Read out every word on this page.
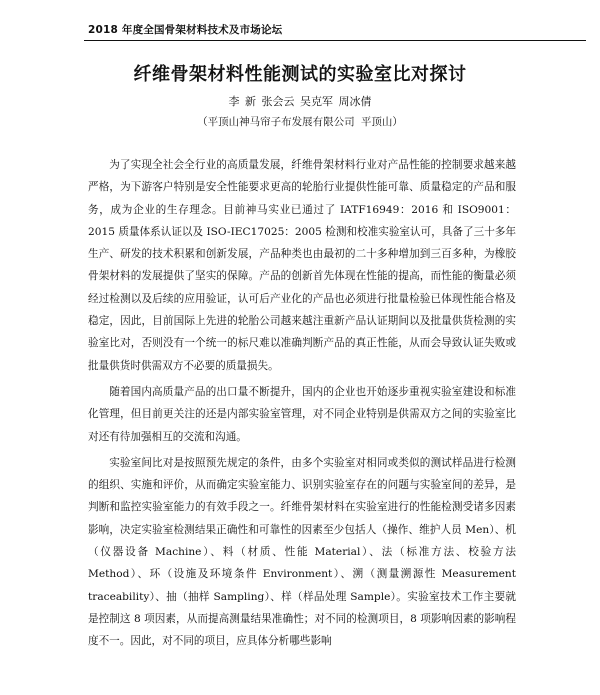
2018 年度全国骨架材料技术及市场论坛
纤维骨架材料性能测试的实验室比对探讨
李 新 张会云 吴克军 周冰倩
（平顶山神马帘子布发展有限公司 平顶山）

为了实现全社会全行业的高质量发展，纤维骨架材料行业对产品性能的控制要求越来越严格，为下游客户特别是安全性能要求更高的轮胎行业提供性能可靠、质量稳定的产品和服务，成为企业的生存理念。目前神马实业已通过了 IATF16949：2016 和 ISO9001：2015 质量体系认证以及 ISO-IEC17025：2005 检测和校准实验室认可，具备了三十多年生产、研发的技术积累和创新发展，产品种类也由最初的二十多种增加到三百多种，为橡胶骨架材料的发展提供了坚实的保障。产品的创新首先体现在性能的提高，而性能的衡量必须经过检测以及后续的应用验证，认可后产业化的产品也必须进行批量检验已体现性能合格及稳定，因此，目前国际上先进的轮胎公司越来越注重新产品认证期间以及批量供货检测的实验室比对，否则没有一个统一的标尺难以准确判断产品的真正性能，从而会导致认证失败或批量供货时供需双方不必要的质量损失。

随着国内高质量产品的出口量不断提升，国内的企业也开始逐步重视实验室建设和标准化管理，但目前更关注的还是内部实验室管理，对不同企业特别是供需双方之间的实验室比对还有待加强相互的交流和沟通。

实验室间比对是按照预先规定的条件，由多个实验室对相同或类似的测试样品进行检测的组织、实施和评价，从而确定实验室能力、识别实验室存在的问题与实验室间的差异，是判断和监控实验室能力的有效手段之一。纤维骨架材料在实验室进行的性能检测受诸多因素影响，决定实验室检测结果正确性和可靠性的因素至少包括人（操作、维护人员 Men）、机（仪器设备 Machine）、料（材质、性能 Material）、法（标准方法、校验方法 Method）、环（设施及环境条件 Environment）、溯（测量溯源性 Measurement traceability）、抽（抽样 Sampling）、样（样品处理 Sample）。实验室技术工作主要就是控制这 8 项因素，从而提高测量结果准确性；对不同的检测项目，8 项影响因素的影响程度不一。因此，对不同的项目，应具体分析哪些影响
